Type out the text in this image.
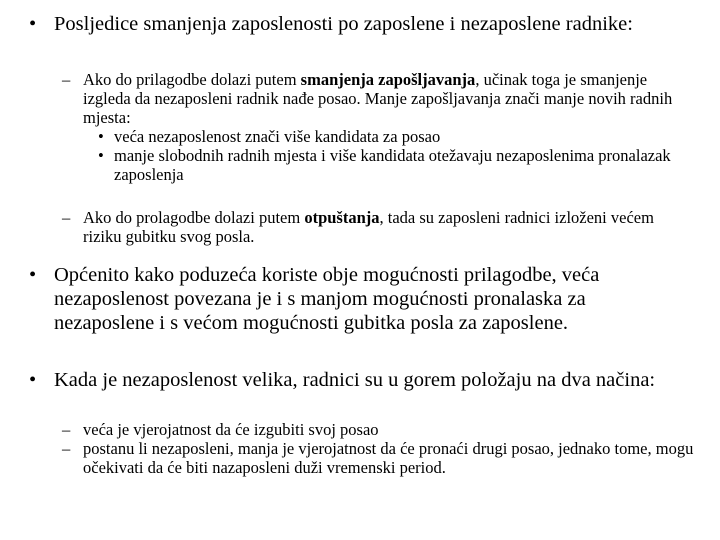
• Posljedice smanjenja zaposlenosti po zaposlene i nezaposlene radnike:
– Ako do prilagodbe dolazi putem smanjenja zapošljavanja, učinak toga je smanjenje izgleda da nezaposleni radnik nađe posao. Manje zapošljavanja znači manje novih radnih mjesta:
• veća nezaposlenost znači više kandidata za posao
• manje slobodnih radnih mjesta i više kandidata otežavaju nezaposlenima pronalazak zaposlenja
– Ako do prolagodbe dolazi putem otpuštanja, tada su zaposleni radnici izloženi većem riziku gubitku svog posla.
• Općenito kako poduzeća koriste obje mogućnosti prilagodbe, veća nezaposlenost povezana je i s manjom mogućnosti pronalaska za nezaposlene i s većom mogućnosti gubitka posla za zaposlene.
• Kada je nezaposlenost velika, radnici su u gorem položaju na dva načina:
– veća je vjerojatnost da će izgubiti svoj posao
– postanu li nezaposleni, manja je vjerojatnost da će pronaći drugi posao, jednako tome, mogu očekivati da će biti nazaposleni duži vremenski period.
